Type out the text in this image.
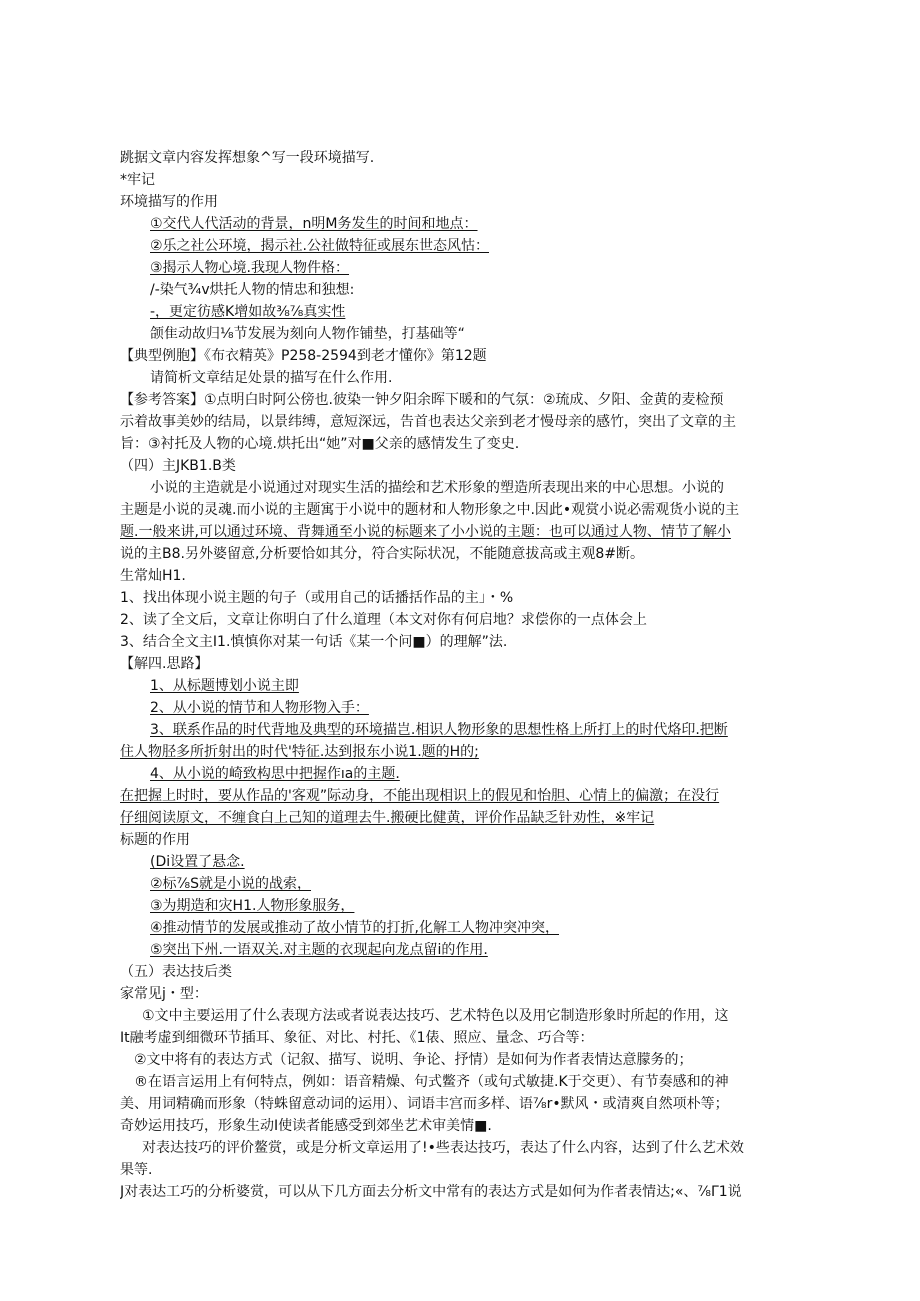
跳据文章内容发挥想象^写一段环境描写.
*牢记
环境描写的作用
①交代人代活动的背景，n明M务发生的时间和地点：
②乐之社公环境，揭示社.公社做特征或展东世态风怙：
③揭示人物心境.我现人物件格：
/-染气¾v烘托人物的情忠和独想:
-，更定彷感K增如故⅜⅞真实性
颌隹动故归⅛节发展为刻向人物作铺垫，打基础等“
【典型例胞】《布衣精英》P258-2594到老才懂你》第12题
请简析文章结足处景的描写在什么作用.
【参考答案】①点明白时阿公傍也.彼染一钟夕阳余晖下暖和的气氛：②琉成、夕阳、金黄的麦检预
示着故事美妙的结局，以景纬缚，意短深远，告首也表达父亲到老才慢母亲的感竹，突出了文章的主
旨：③衬托及人物的心境.烘托出“她”对■父亲的感情发生了变史.
（四）主JKB1.B类
小说的主造就是小说通过对现实生活的描绘和艺术形象的塑造所表现出来的中心思想。小说的
主题是小说的灵魂.而小说的主题寓于小说中的题材和人物形象之中.因此•观赏小说必需观货小说的主
题.一般来讲,可以通过环境、背舞通至小说的标题来了小小说的主题：也可以通过人物、情节了解小
说的主B8.另外婆留意,分析要恰如其分，符合实际状况，不能随意拔高或主观8#断。
生常灿H1.
1、找出体现小说主题的句子（或用自己的话播括作品的主」・%
2、读了全文后，文章让你明白了什么道理（本文对你有何启地？求偿你的一点体会上
3、结合全文主I1.慎慎你对某一句话《某一个问■）的理解”法.
【解四.思路】
1、从标题博划小说主即
2、从小说的情节和人物形物入手：
3、联系作品的时代背地及典型的环境描岂.相识人物形象的思想性格上所打上的时代烙印.把断
住人物胫多所折射出的时代'特征.达到报东小说1.题的H的;
4、从小说的崎致构思中把握作ıa的主题.
在把握上时时，要从作品的'客观”际动身，不能出现相识上的假见和怡胆、心情上的偏激；在没行
仔细阅读原文，不缠食白上己知的道理去牛.搬硬比健黄，评价作品缺乏针劝性，※牢记
标题的作用
(Di设置了悬念.
②标⅞S就是小说的战索，
③为期造和灾H1.人物形象服务，
④推动情节的发展或推动了故小情节的打折,化解工人物冲突冲突，
⑤突出下州.一语双关.对主题的衣现起向龙点留i的作用.
（五）表达技后类
家常见j・型：
①文中主要运用了什么表现方法或者说表达技巧、艺术特色以及用它制造形象时所起的作用，这
It融考虚到细微环节插耳、象征、对比、村托、《1俵、照应、量念、巧合等：
②文中将有的表达方式（记叙、描写、说明、争论、抒情）是如何为作者表情达意朦务的；
®在语言运用上有何特点，例如：语音精燥、句式鳖齐（或句式敏捷.K于交更）、有节奏感和的神
美、用词精确而形象（特蛛留意动词的运用）、词语丰宫而多样、语⅞r•默风・或清爽自然项朴等；
奇妙运用技巧，形象生动I使读者能感受到郊坐艺术审美情■.
对表达技巧的评价鳌赏，或是分析文章运用了!•些表达技巧，表达了什么内容，达到了什么艺术效
果等.
J对表达工巧的分析婆赏，可以从下几方面去分析文中常有的表达方式是如何为作者表情达;«、⅞Γ1说
